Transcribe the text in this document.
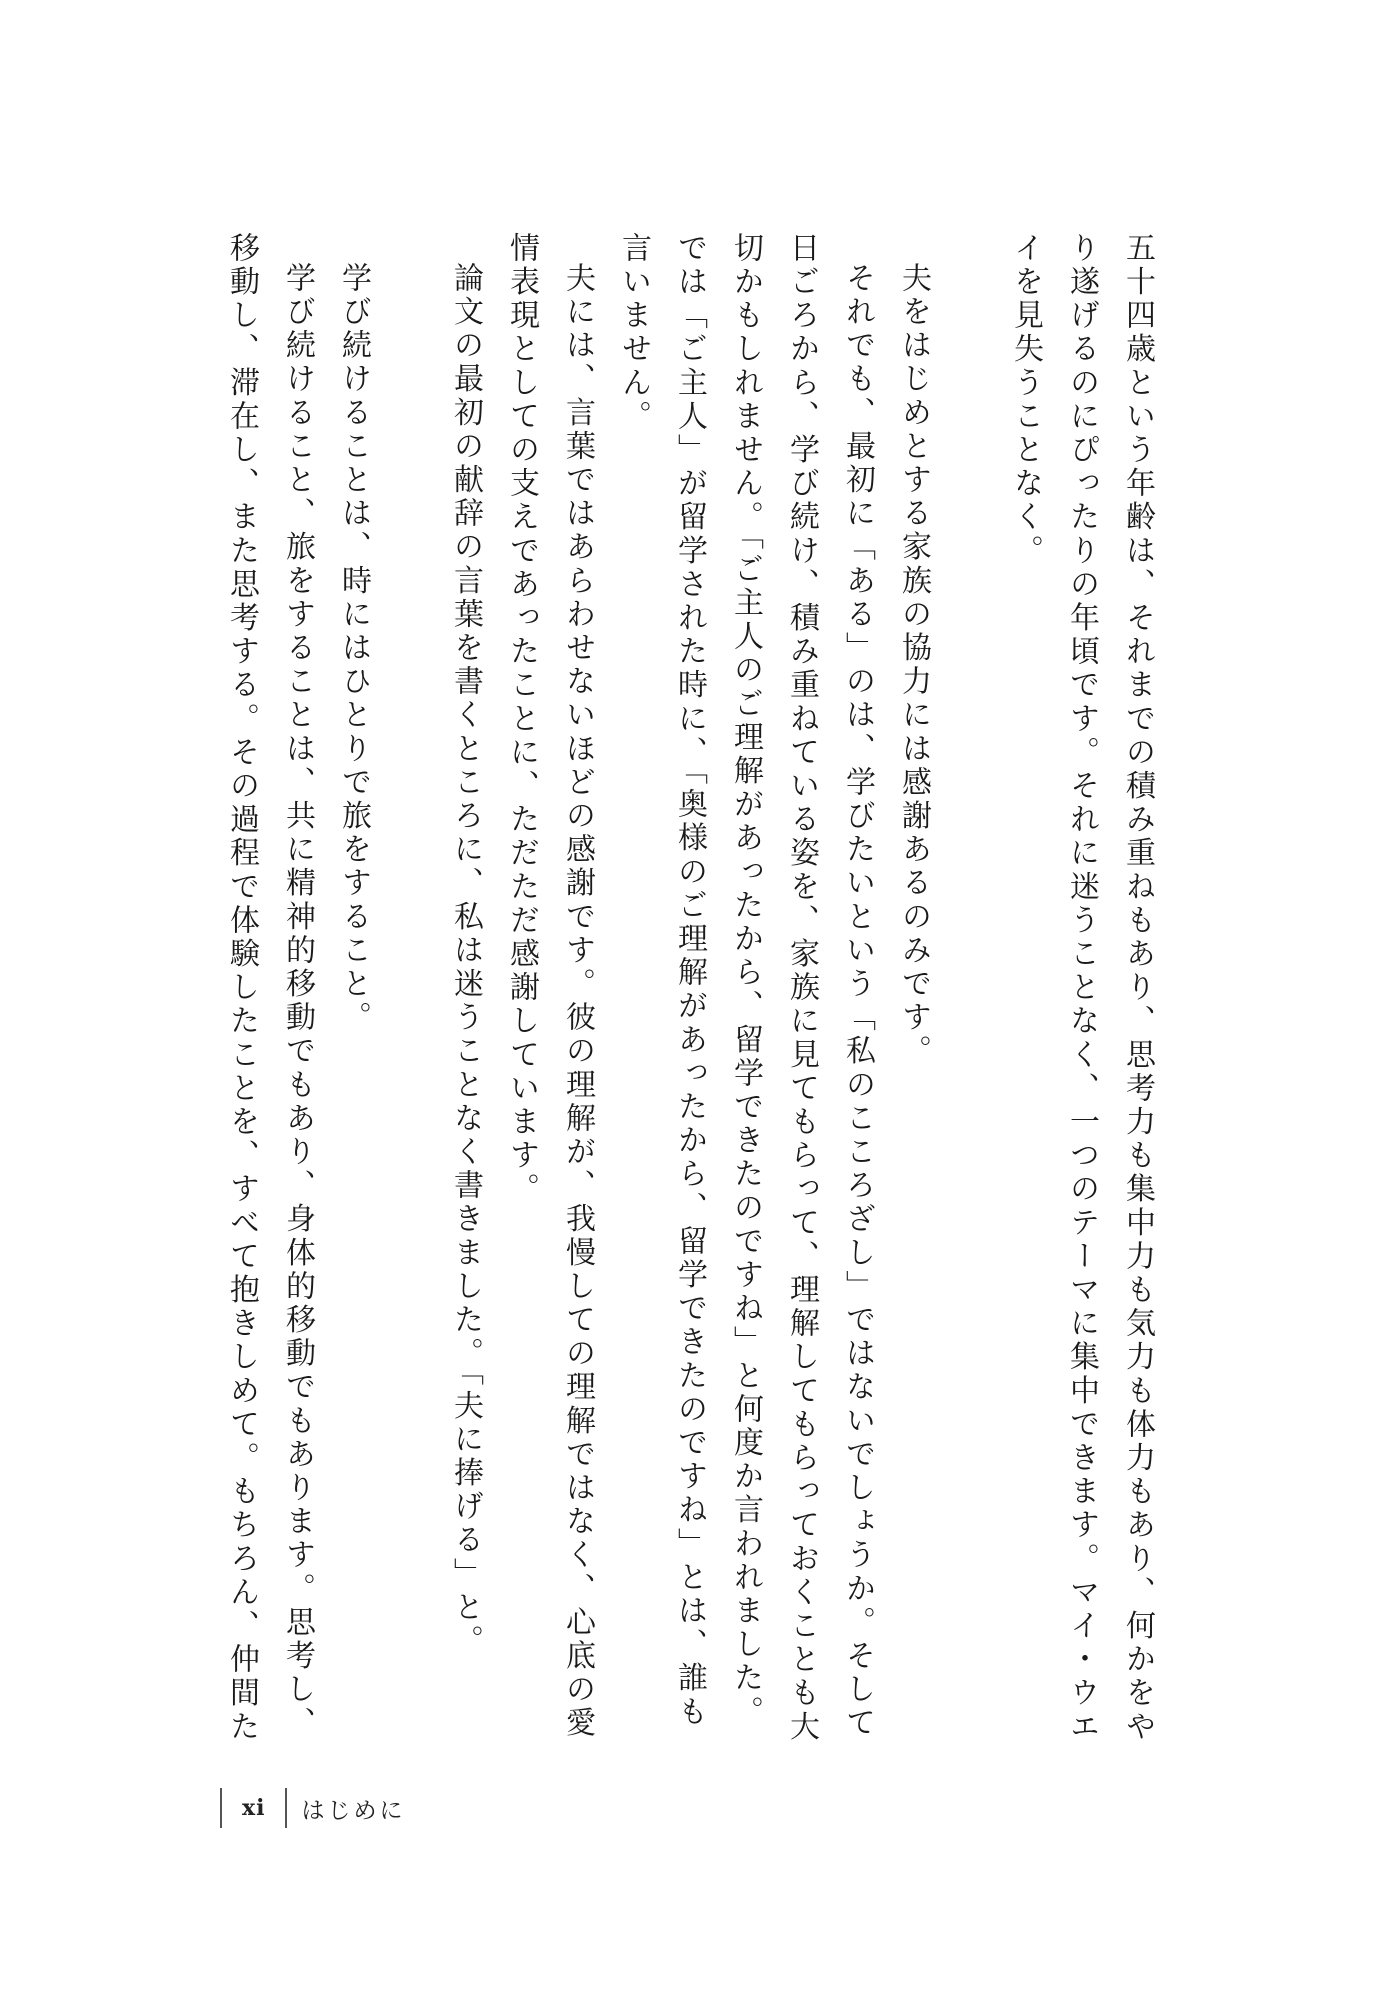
五十四歳という年齢は、それまでの積み重ねもあり、思考力も集中力も気力も体力もあり、何かをやり遂げるのにぴったりの年頃です。それに迷うことなく、一つのテーマに集中できます。マイ・ウエイを見失うことなく。

夫をはじめとする家族の協力には感謝あるのみです。

それでも、最初に「ある」のは、学びたいという「私のこころざし」ではないでしょうか。そして日ごろから、学び続け、積み重ねている姿を、家族に見てもらって、理解してもらっておくことも大切かもしれません。「ご主人のご理解があったから、留学できたのですね」と何度か言われました。では「ご主人」が留学された時に、「奥様のご理解があったから、留学できたのですね」とは、誰も言いません。

夫には、言葉ではあらわせないほどの感謝です。彼の理解が、我慢しての理解ではなく、心底の愛情表現としての支えであったことに、ただただ感謝しています。

論文の最初の献辞の言葉を書くところに、私は迷うことなく書きました。「夫に捧げる」と。

学び続けることは、時にはひとりで旅をすること。

学び続けること、旅をすることは、共に精神的移動でもあり、身体的移動でもあります。思考し、移動し、滞在し、また思考する。その過程で体験したことを、すべて抱きしめて。もちろん、仲間た

xi	はじめに
